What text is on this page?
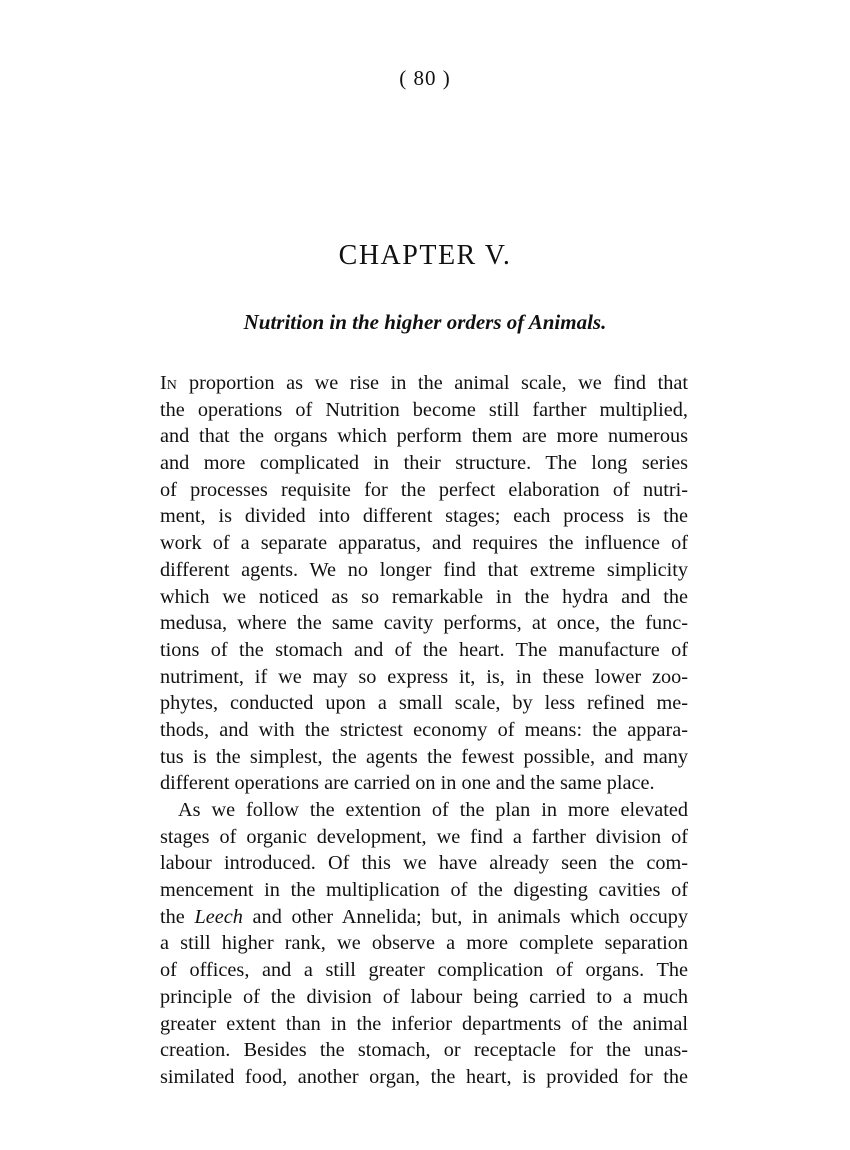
( 80 )
CHAPTER V.
Nutrition in the higher orders of Animals.
IN proportion as we rise in the animal scale, we find that
the operations of Nutrition become still farther multiplied,
and that the organs which perform them are more numerous
and more complicated in their structure. The long series
of processes requisite for the perfect elaboration of nutri-
ment, is divided into different stages; each process is the
work of a separate apparatus, and requires the influence of
different agents. We no longer find that extreme simplicity
which we noticed as so remarkable in the hydra and the
medusa, where the same cavity performs, at once, the func-
tions of the stomach and of the heart. The manufacture of
nutriment, if we may so express it, is, in these lower zoo-
phytes, conducted upon a small scale, by less refined me-
thods, and with the strictest economy of means: the appara-
tus is the simplest, the agents the fewest possible, and many
different operations are carried on in one and the same place.
As we follow the extention of the plan in more elevated
stages of organic development, we find a farther division of
labour introduced. Of this we have already seen the com-
mencement in the multiplication of the digesting cavities of
the Leech and other Annelida; but, in animals which occupy
a still higher rank, we observe a more complete separation
of offices, and a still greater complication of organs. The
principle of the division of labour being carried to a much
greater extent than in the inferior departments of the animal
creation. Besides the stomach, or receptacle for the unas-
similated food, another organ, the heart, is provided for the
